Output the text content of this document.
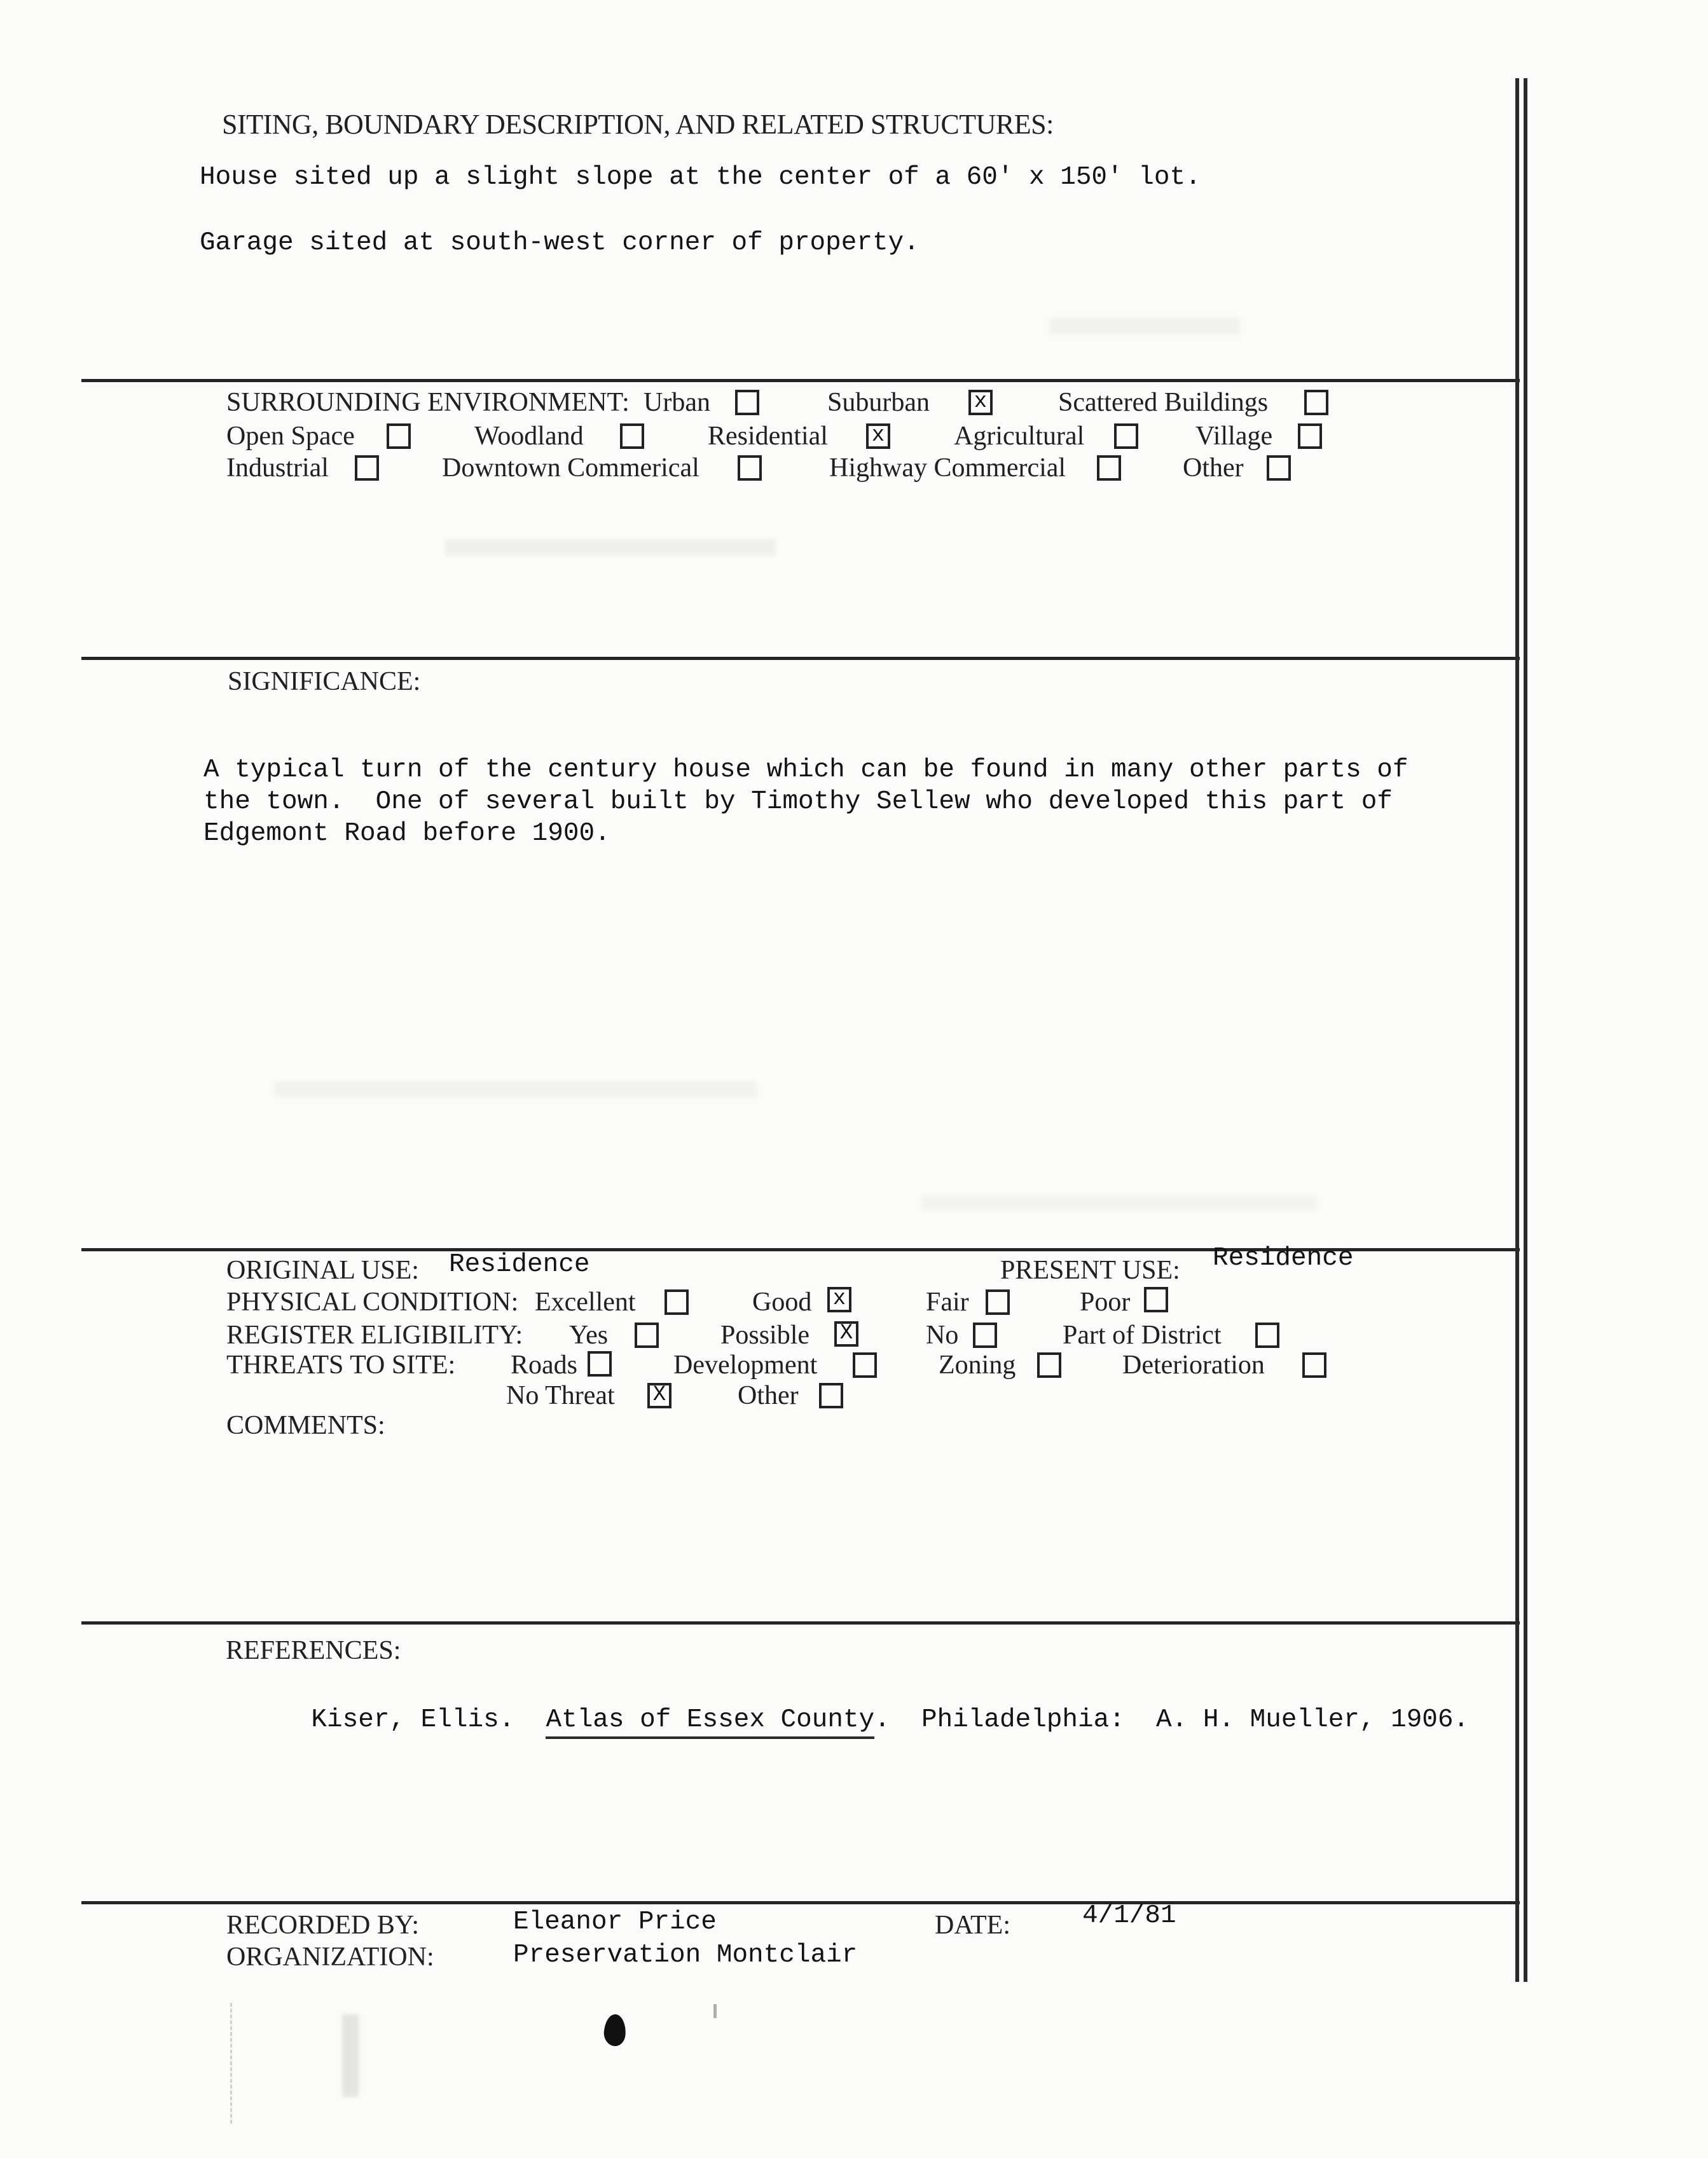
SITING, BOUNDARY DESCRIPTION, AND RELATED STRUCTURES:
House sited up a slight slope at the center of a 60' x 150' lot.
Garage sited at south-west corner of property.
SURROUNDING ENVIRONMENT: Urban	Suburban x	Scattered Buildings
Open Space	Woodland	Residential x	Agricultural	Village
Industrial	Downtown Commerical	Highway Commercial	Other
SIGNIFICANCE:
A typical turn of the century house which can be found in many other parts of
the town.  One of several built by Timothy Sellew who developed this part of
Edgemont Road before 1900.
ORIGINAL USE: Residence	PRESENT USE: Residence
PHYSICAL CONDITION: Excellent	Good x	Fair	Poor
REGISTER ELIGIBILITY: Yes	Possible X	No	Part of District
THREATS TO SITE: Roads	Development	Zoning	Deterioration
No Threat X	Other
COMMENTS:
REFERENCES:

Kiser, Ellis.  Atlas of Essex County.  Philadelphia:  A. H. Mueller, 1906.

RECORDED BY:	Eleanor Price	DATE:	4/1/81
ORGANIZATION:	Preservation Montclair
